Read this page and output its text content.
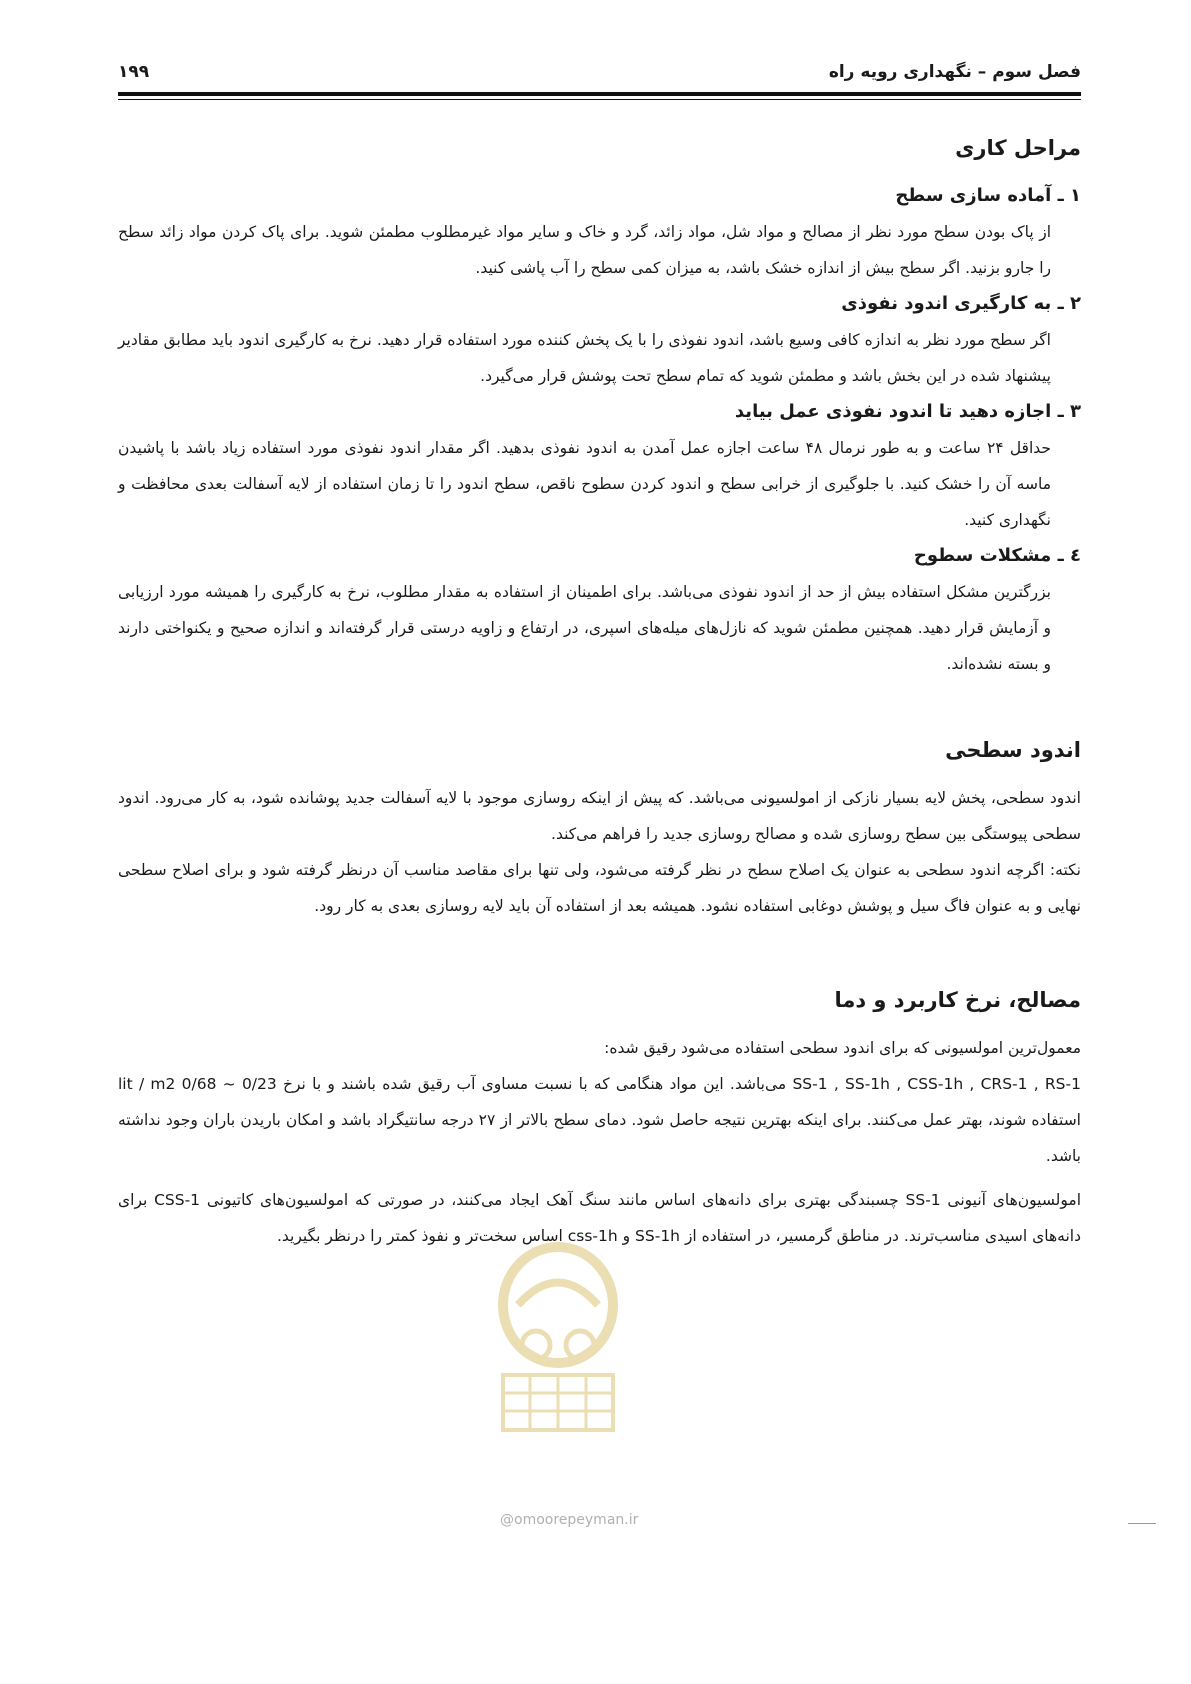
فصل سوم – نگهداری رویه راه
۱۹۹
مراحل کاری
۱ ـ آماده سازی سطح

از پاک بودن سطح مورد نظر از مصالح و مواد شل، مواد زائد، گرد و خاک و سایر مواد غیرمطلوب مطمئن شوید. برای پاک کردن مواد زائد سطح را جارو بزنید. اگر سطح بیش از اندازه خشک باشد، به میزان کمی سطح را آب پاشی کنید.

۲ ـ به کارگیری اندود نفوذی

اگر سطح مورد نظر به اندازه کافی وسیع باشد، اندود نفوذی را با یک پخش کننده مورد استفاده قرار دهید. نرخ به کارگیری اندود باید مطابق مقادیر پیشنهاد شده در این بخش باشد و مطمئن شوید که تمام سطح تحت پوشش قرار می‌گیرد.

۳ ـ اجازه دهید تا اندود نفوذی عمل بیاید

حداقل ۲۴ ساعت و به طور نرمال ۴۸ ساعت اجازه عمل آمدن به اندود نفوذی بدهید. اگر مقدار اندود نفوذی مورد استفاده زیاد باشد با پاشیدن ماسه آن را خشک کنید. با جلوگیری از خرابی سطح و اندود کردن سطوح ناقص، سطح اندود را تا زمان استفاده از لایه آسفالت بعدی محافظت و نگهداری کنید.

٤ ـ مشکلات سطوح

بزرگترین مشکل استفاده بیش از حد از اندود نفوذی می‌باشد. برای اطمینان از استفاده به مقدار مطلوب، نرخ به کارگیری را همیشه مورد ارزیابی و آزمایش قرار دهید. همچنین مطمئن شوید که نازل‌های میله‌های اسپری، در ارتفاع و زاویه درستی قرار گرفته‌اند و اندازه صحیح و یکنواختی دارند و بسته نشده‌اند.

اندود سطحی

اندود سطحی، پخش لایه بسیار نازکی از امولسیونی می‌باشد. که پیش از اینکه روسازی موجود با لایه آسفالت جدید پوشانده شود، به کار می‌رود. اندود سطحی پیوستگی بین سطح روسازی شده و مصالح روسازی جدید را فراهم می‌کند.

نکته: اگرچه اندود سطحی به عنوان یک اصلاح سطح در نظر گرفته می‌شود، ولی تنها برای مقاصد مناسب آن درنظر گرفته شود و برای اصلاح سطحی نهایی و به عنوان فاگ سیل و پوشش دوغابی استفاده نشود. همیشه بعد از استفاده آن باید لایه روسازی بعدی به کار رود.

مصالح، نرخ کاربرد و دما

معمول‌ترین امولسیونی که برای اندود سطحی استفاده می‌شود رقیق شده:

SS-1 , SS-1h , CSS-1h , CRS-1 , RS-1 می‌باشد. این مواد هنگامی که با نسبت مساوی آب رقیق شده باشند و با نرخ 0/23 ~ 0/68 lit / m2 استفاده شوند، بهتر عمل می‌کنند. برای اینکه بهترین نتیجه حاصل شود. دمای سطح بالاتر از ۲۷ درجه سانتیگراد باشد و امکان باریدن باران وجود نداشته باشد.

امولسیون‌های آنیونی SS-1 چسبندگی بهتری برای دانه‌های اساس مانند سنگ آهک ایجاد می‌کنند، در صورتی که امولسیون‌های کاتیونی CSS-1 برای دانه‌های اسیدی مناسب‌ترند. در مناطق گرمسیر، در استفاده از SS-1h و css-1h اساس سخت‌تر و نفوذ کمتر را درنظر بگیرید.

@omoorepeyman.ir
